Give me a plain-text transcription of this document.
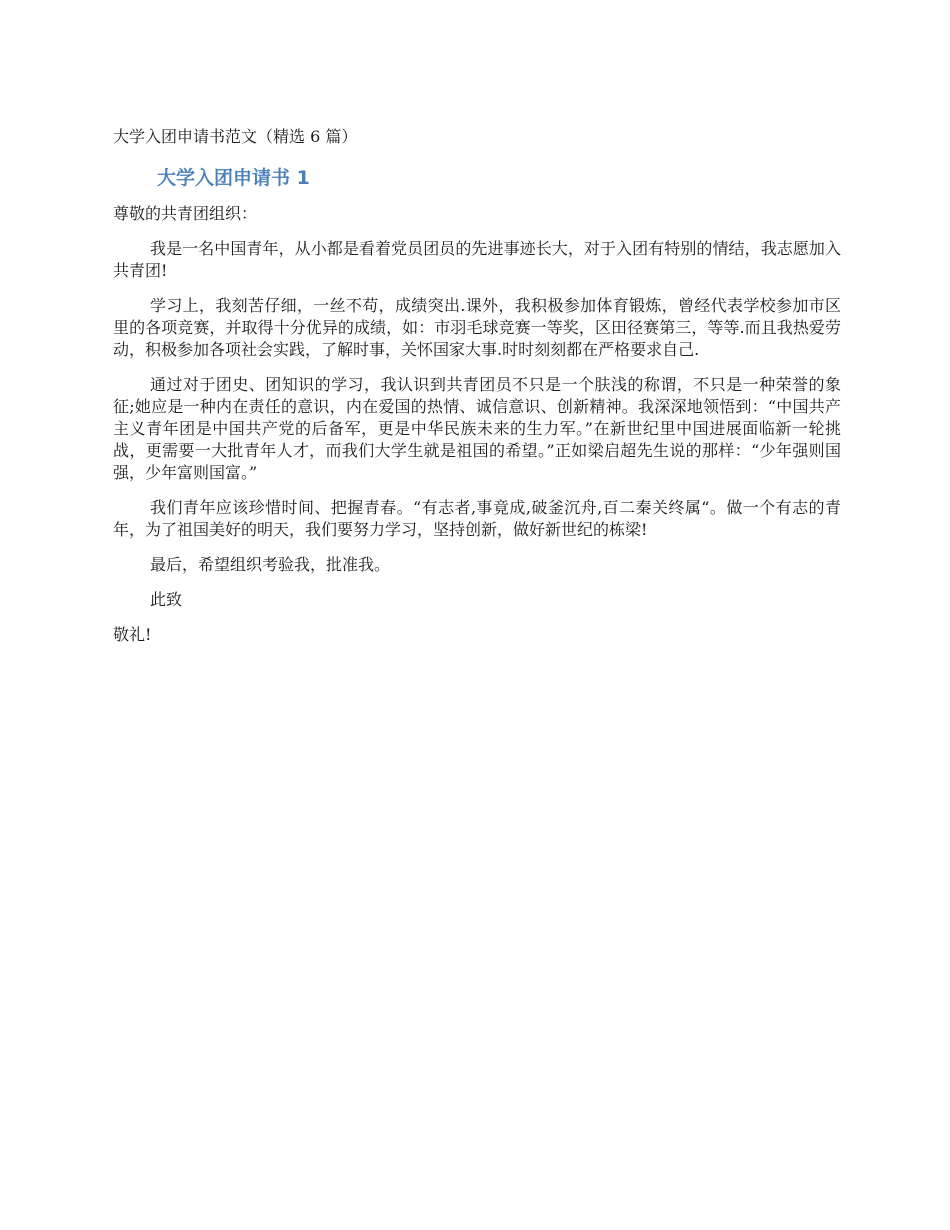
大学入团申请书范文（精选 6 篇）
大学入团申请书 1

尊敬的共青团组织：

我是一名中国青年，从小都是看着党员团员的先进事迹长大，对于入团有特别的情结，我志愿加入共青团!

学习上，我刻苦仔细，一丝不苟，成绩突出.课外，我积极参加体育锻炼，曾经代表学校参加市区里的各项竞赛，并取得十分优异的成绩，如：市羽毛球竞赛一等奖，区田径赛第三，等等.而且我热爱劳动，积极参加各项社会实践，了解时事，关怀国家大事.时时刻刻都在严格要求自己.

通过对于团史、团知识的学习，我认识到共青团员不只是一个肤浅的称谓，不只是一种荣誉的象征;她应是一种内在责任的意识，内在爱国的热情、诚信意识、创新精神。我深深地领悟到：“中国共产主义青年团是中国共产党的后备军，更是中华民族未来的生力军。”在新世纪里中国进展面临新一轮挑战，更需要一大批青年人才，而我们大学生就是祖国的希望。”正如梁启超先生说的那样：“少年强则国强，少年富则国富。”

我们青年应该珍惜时间、把握青春。“有志者,事竟成,破釜沉舟,百二秦关终属“。做一个有志的青年，为了祖国美好的明天，我们要努力学习，坚持创新，做好新世纪的栋梁!

最后，希望组织考验我，批准我。

此致

敬礼!
